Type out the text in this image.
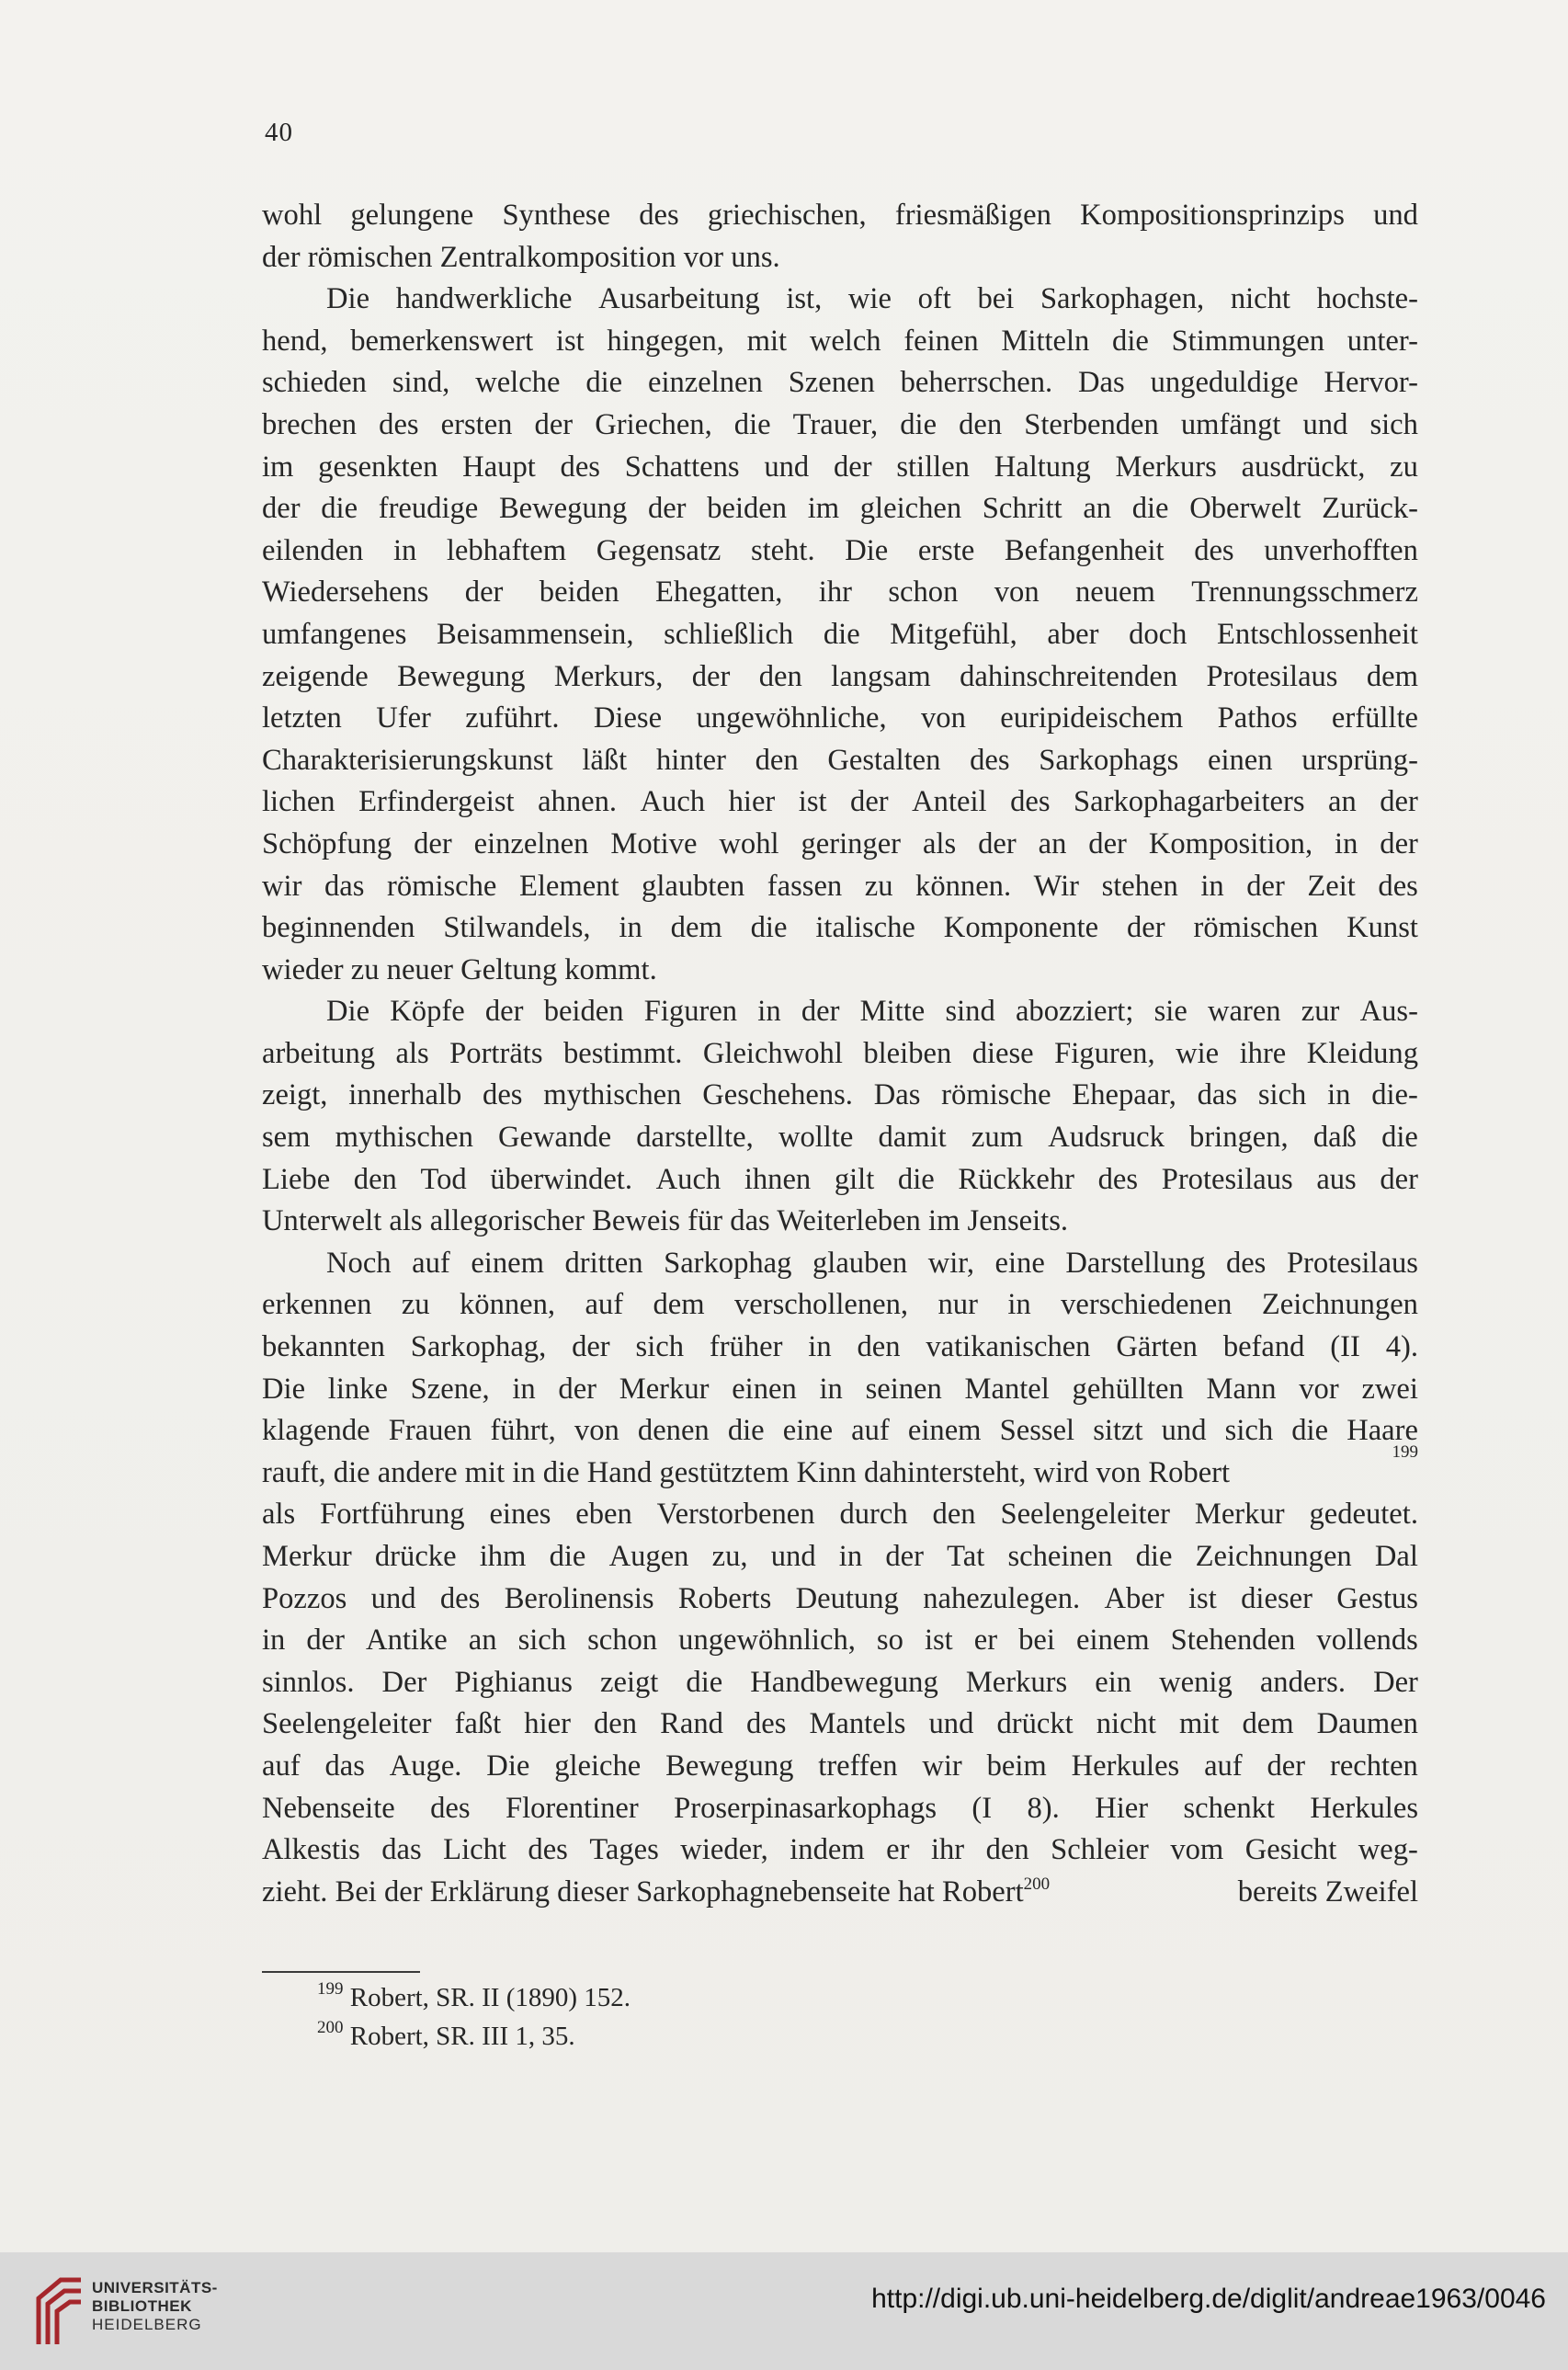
40
wohl gelungene Synthese des griechischen, friesmäßigen Kompositionsprinzips und
der römischen Zentralkomposition vor uns.
Die handwerkliche Ausarbeitung ist, wie oft bei Sarkophagen, nicht hochste-
hend, bemerkenswert ist hingegen, mit welch feinen Mitteln die Stimmungen unter-
schieden sind, welche die einzelnen Szenen beherrschen. Das ungeduldige Hervor-
brechen des ersten der Griechen, die Trauer, die den Sterbenden umfängt und sich
im gesenkten Haupt des Schattens und der stillen Haltung Merkurs ausdrückt, zu
der die freudige Bewegung der beiden im gleichen Schritt an die Oberwelt Zurück-
eilenden in lebhaftem Gegensatz steht. Die erste Befangenheit des unverhofften
Wiedersehens der beiden Ehegatten, ihr schon von neuem Trennungsschmerz
umfangenes Beisammensein, schließlich die Mitgefühl, aber doch Entschlossenheit
zeigende Bewegung Merkurs, der den langsam dahinschreitenden Protesilaus dem
letzten Ufer zuführt. Diese ungewöhnliche, von euripideischem Pathos erfüllte
Charakterisierungskunst läßt hinter den Gestalten des Sarkophags einen ursprüng-
lichen Erfindergeist ahnen. Auch hier ist der Anteil des Sarkophagarbeiters an der
Schöpfung der einzelnen Motive wohl geringer als der an der Komposition, in der
wir das römische Element glaubten fassen zu können. Wir stehen in der Zeit des
beginnenden Stilwandels, in dem die italische Komponente der römischen Kunst
wieder zu neuer Geltung kommt.
Die Köpfe der beiden Figuren in der Mitte sind abozziert; sie waren zur Aus-
arbeitung als Porträts bestimmt. Gleichwohl bleiben diese Figuren, wie ihre Kleidung
zeigt, innerhalb des mythischen Geschehens. Das römische Ehepaar, das sich in die-
sem mythischen Gewande darstellte, wollte damit zum Audsruck bringen, daß die
Liebe den Tod überwindet. Auch ihnen gilt die Rückkehr des Protesilaus aus der
Unterwelt als allegorischer Beweis für das Weiterleben im Jenseits.
Noch auf einem dritten Sarkophag glauben wir, eine Darstellung des Protesilaus
erkennen zu können, auf dem verschollenen, nur in verschiedenen Zeichnungen
bekannten Sarkophag, der sich früher in den vatikanischen Gärten befand (II 4).
Die linke Szene, in der Merkur einen in seinen Mantel gehüllten Mann vor zwei
klagende Frauen führt, von denen die eine auf einem Sessel sitzt und sich die Haare
rauft, die andere mit in die Hand gestütztem Kinn dahintersteht, wird von Robert
199
als Fortführung eines eben Verstorbenen durch den Seelengeleiter Merkur gedeutet.
Merkur drücke ihm die Augen zu, und in der Tat scheinen die Zeichnungen Dal
Pozzos und des Berolinensis Roberts Deutung nahezulegen. Aber ist dieser Gestus
in der Antike an sich schon ungewöhnlich, so ist er bei einem Stehenden vollends
sinnlos. Der Pighianus zeigt die Handbewegung Merkurs ein wenig anders. Der
Seelengeleiter faßt hier den Rand des Mantels und drückt nicht mit dem Daumen
auf das Auge. Die gleiche Bewegung treffen wir beim Herkules auf der rechten
Nebenseite des Florentiner Proserpinasarkophags (I 8). Hier schenkt Herkules
Alkestis das Licht des Tages wieder, indem er ihr den Schleier vom Gesicht weg-
zieht. Bei der Erklärung dieser Sarkophagnebenseite hat Robert$^{200}$	bereits Zweifel
$^{199}$ Robert, SR. II (1890) 152.
$^{200}$ Robert, SR. III 1, 35.
UNIVERSITÄTS-
BIBLIOTHEK
HEIDELBERG
http://digi.ub.uni-heidelberg.de/diglit/andreae1963/0046
